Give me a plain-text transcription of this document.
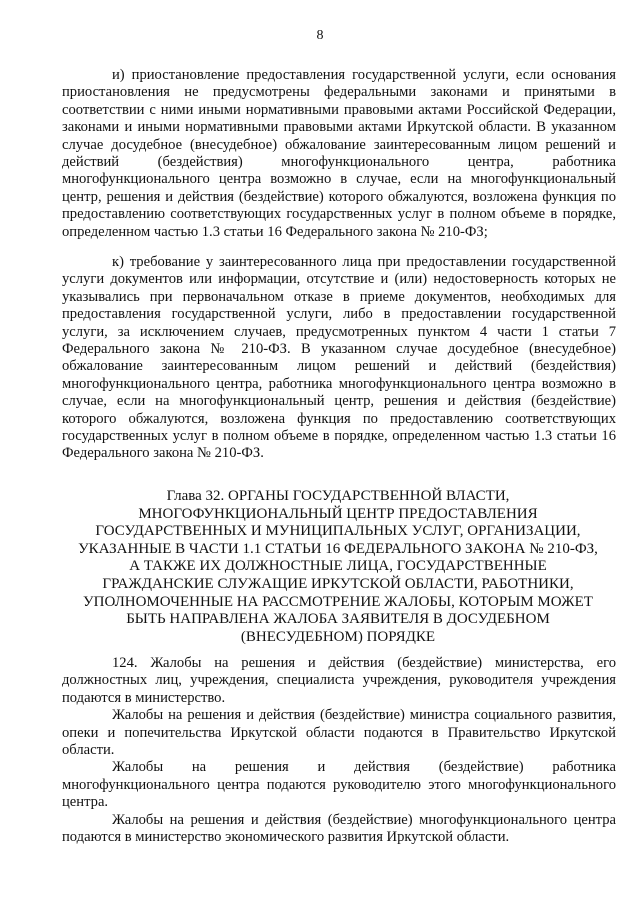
8

и) приостановление предоставления государственной услуги, если основания приостановления не предусмотрены федеральными законами и принятыми в соответствии с ними иными нормативными правовыми актами Российской Федерации, законами и иными нормативными правовыми актами Иркутской области. В указанном случае досудебное (внесудебное) обжалование заинтересованным лицом решений и действий (бездействия) многофункционального центра, работника многофункционального центра возможно в случае, если на многофункциональный центр, решения и действия (бездействие) которого обжалуются, возложена функция по предоставлению соответствующих государственных услуг в полном объеме в порядке, определенном частью 1.3 статьи 16 Федерального закона № 210-ФЗ;

к) требование у заинтересованного лица при предоставлении государственной услуги документов или информации, отсутствие и (или) недостоверность которых не указывались при первоначальном отказе в приеме документов, необходимых для предоставления государственной услуги, либо в предоставлении государственной услуги, за исключением случаев, предусмотренных пунктом 4 части 1 статьи 7 Федерального закона № 210-ФЗ. В указанном случае досудебное (внесудебное) обжалование заинтересованным лицом решений и действий (бездействия) многофункционального центра, работника многофункционального центра возможно в случае, если на многофункциональный центр, решения и действия (бездействие) которого обжалуются, возложена функция по предоставлению соответствующих государственных услуг в полном объеме в порядке, определенном частью 1.3 статьи 16 Федерального закона № 210-ФЗ.

Глава 32. ОРГАНЫ ГОСУДАРСТВЕННОЙ ВЛАСТИ, МНОГОФУНКЦИОНАЛЬНЫЙ ЦЕНТР ПРЕДОСТАВЛЕНИЯ ГОСУДАРСТВЕННЫХ И МУНИЦИПАЛЬНЫХ УСЛУГ, ОРГАНИЗАЦИИ, УКАЗАННЫЕ В ЧАСТИ 1.1 СТАТЬИ 16 ФЕДЕРАЛЬНОГО ЗАКОНА № 210-ФЗ, А ТАКЖЕ ИХ ДОЛЖНОСТНЫЕ ЛИЦА, ГОСУДАРСТВЕННЫЕ ГРАЖДАНСКИЕ СЛУЖАЩИЕ ИРКУТСКОЙ ОБЛАСТИ, РАБОТНИКИ, УПОЛНОМОЧЕННЫЕ НА РАССМОТРЕНИЕ ЖАЛОБЫ, КОТОРЫМ МОЖЕТ БЫТЬ НАПРАВЛЕНА ЖАЛОБА ЗАЯВИТЕЛЯ В ДОСУДЕБНОМ (ВНЕСУДЕБНОМ) ПОРЯДКЕ

124. Жалобы на решения и действия (бездействие) министерства, его должностных лиц, учреждения, специалиста учреждения, руководителя учреждения подаются в министерство.

Жалобы на решения и действия (бездействие) министра социального развития, опеки и попечительства Иркутской области подаются в Правительство Иркутской области.

Жалобы на решения и действия (бездействие) работника многофункционального центра подаются руководителю этого многофункционального центра.

Жалобы на решения и действия (бездействие) многофункционального центра подаются в министерство экономического развития Иркутской области.
